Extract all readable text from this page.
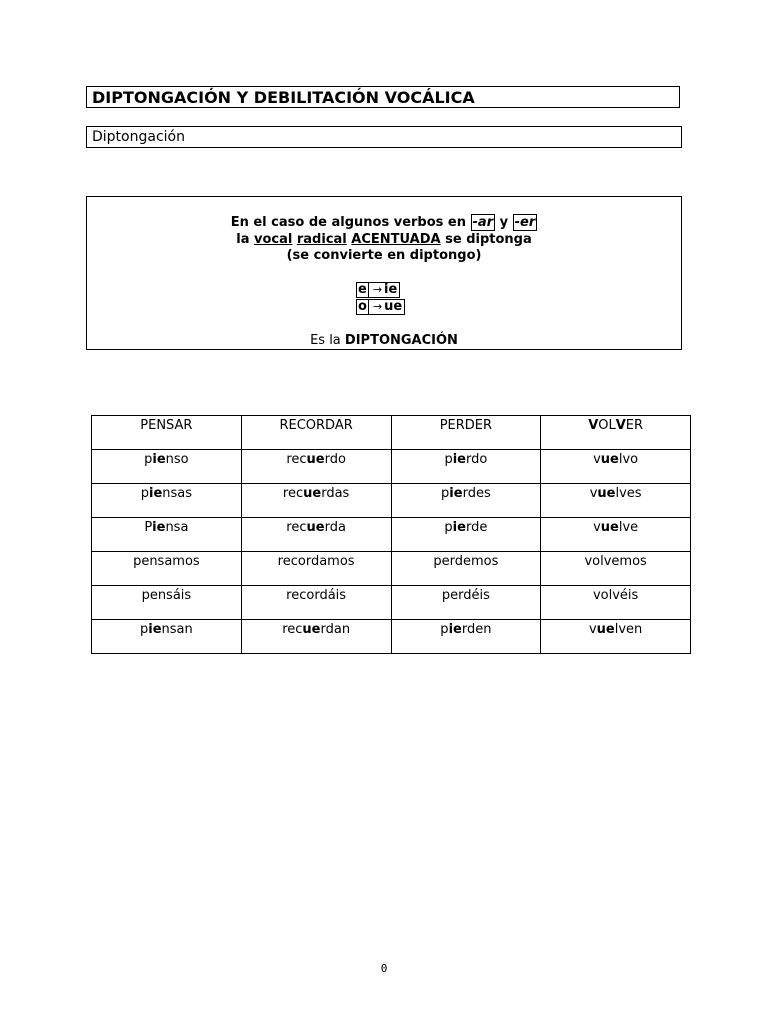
DIPTONGACIÓN Y DEBILITACIÓN VOCÁLICA
Diptongación
En el caso de algunos verbos en -ar y -er
la vocal radical ACENTUADA se diptonga
(se convierte en diptongo)
e → ie
o → ue
Es la DIPTONGACIÓN
PENSAR	RECORDAR	PERDER	VOLVER
pienso	recuerdo	pierdo	vuelvo
piensas	recuerdas	pierdes	vuelves
Piensa	recuerda	pierde	vuelve
pensamos	recordamos	perdemos	volvemos
pensáis	recordáis	perdéis	volvéis
piensan	recuerdan	pierden	vuelven
0
